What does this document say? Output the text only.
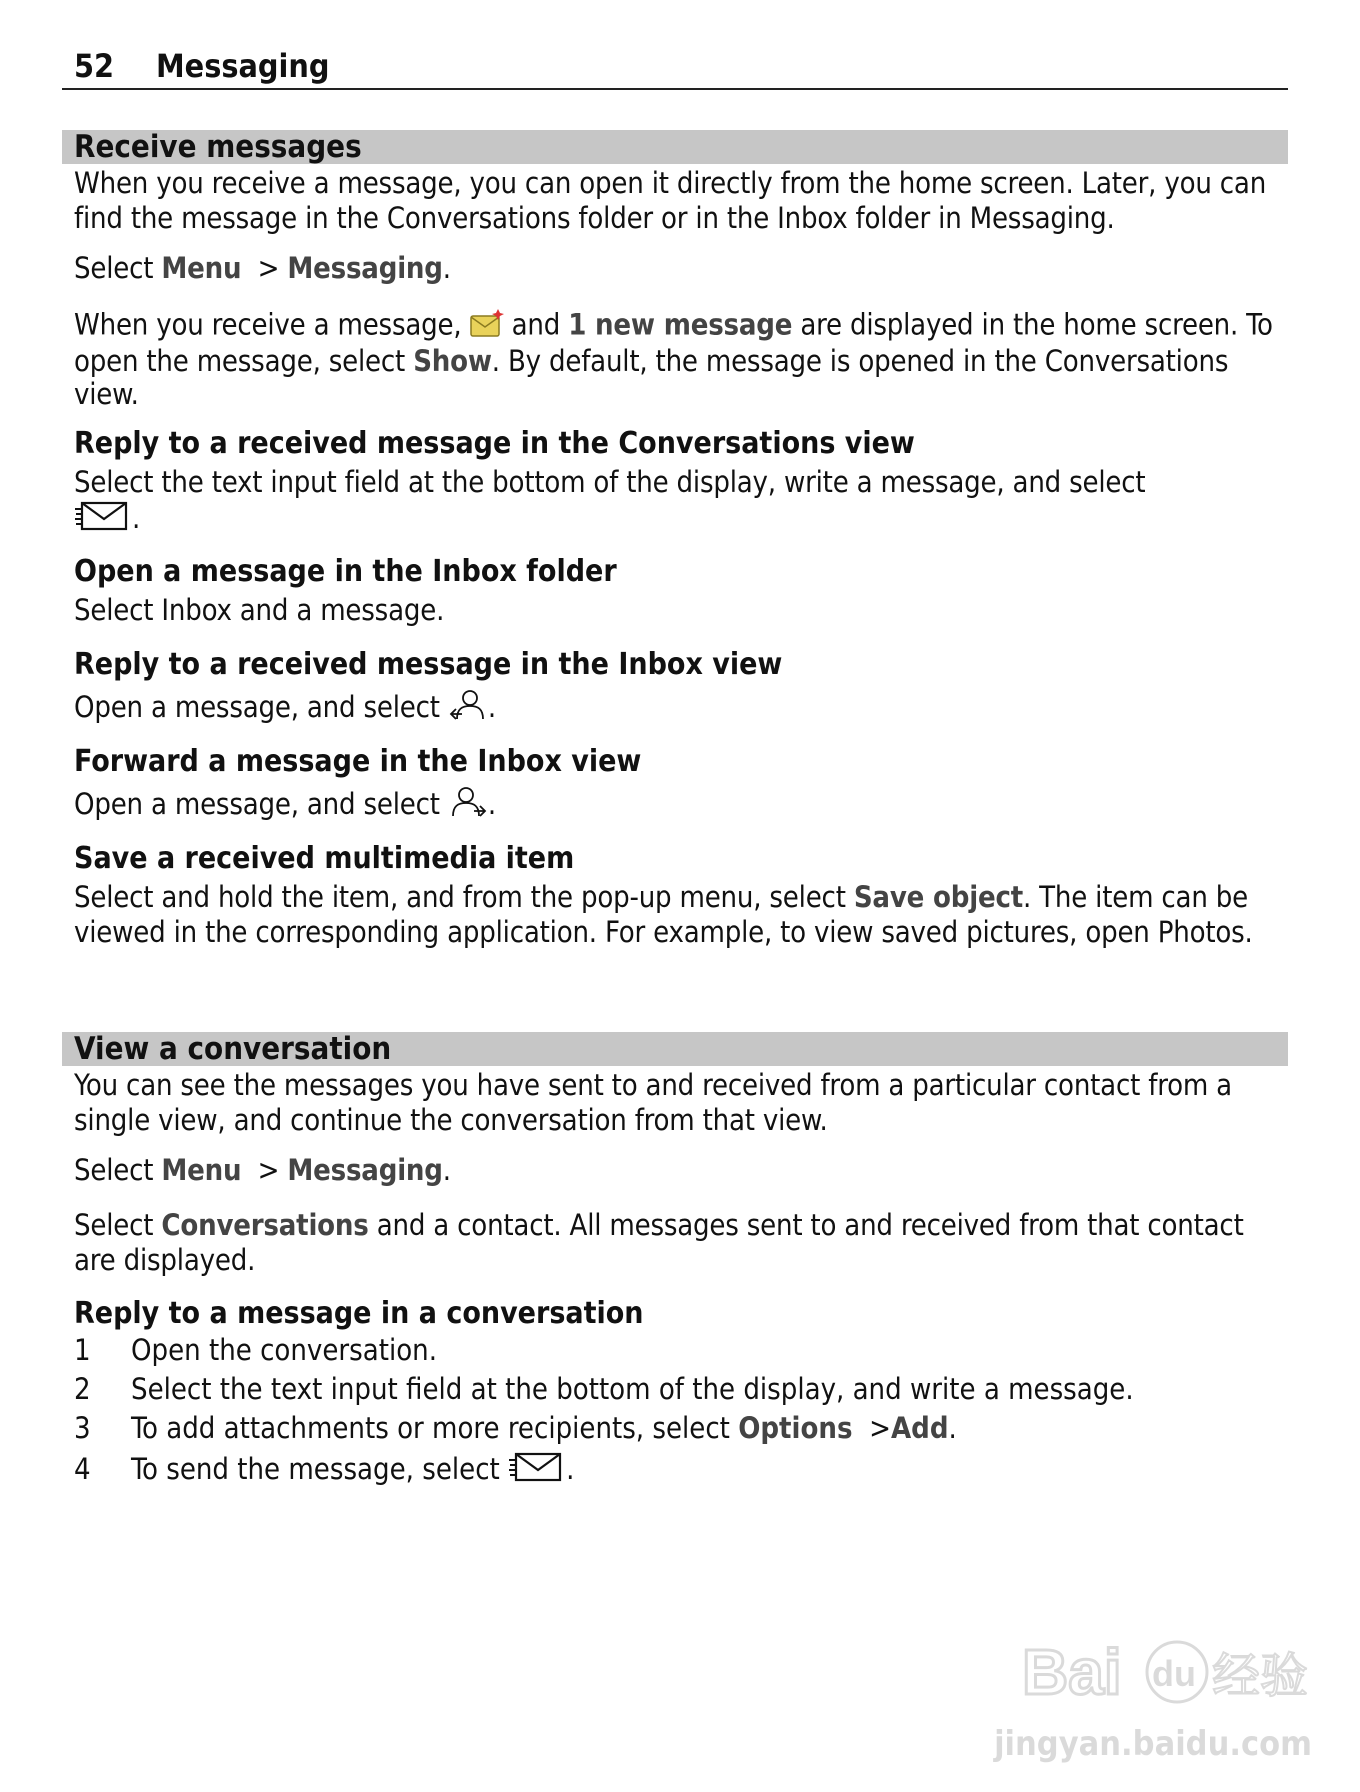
52 Messaging
Receive messages

When you receive a message, you can open it directly from the home screen. Later, you can find the message in the Conversations folder or in the Inbox folder in Messaging.

Select Menu > Messaging.

When you receive a message, and 1 new message are displayed in the home screen. To open the message, select Show. By default, the message is opened in the Conversations view.

Reply to a received message in the Conversations view

Select the text input field at the bottom of the display, write a message, and select

.

Open a message in the Inbox folder

Select Inbox and a message.

Reply to a received message in the Inbox view

Open a message, and select .

Forward a message in the Inbox view

Open a message, and select .

Save a received multimedia item

Select and hold the item, and from the pop-up menu, select Save object. The item can be viewed in the corresponding application. For example, to view saved pictures, open Photos.

View a conversation

You can see the messages you have sent to and received from a particular contact from a single view, and continue the conversation from that view.

Select Menu > Messaging.

Select Conversations and a contact. All messages sent to and received from that contact are displayed.

Reply to a message in a conversation

1 Open the conversation.
2 Select the text input field at the bottom of the display, and write a message.
3 To add attachments or more recipients, select Options >Add.
4 To send the message, select .
Bai du 经验
jingyan.baidu.com
